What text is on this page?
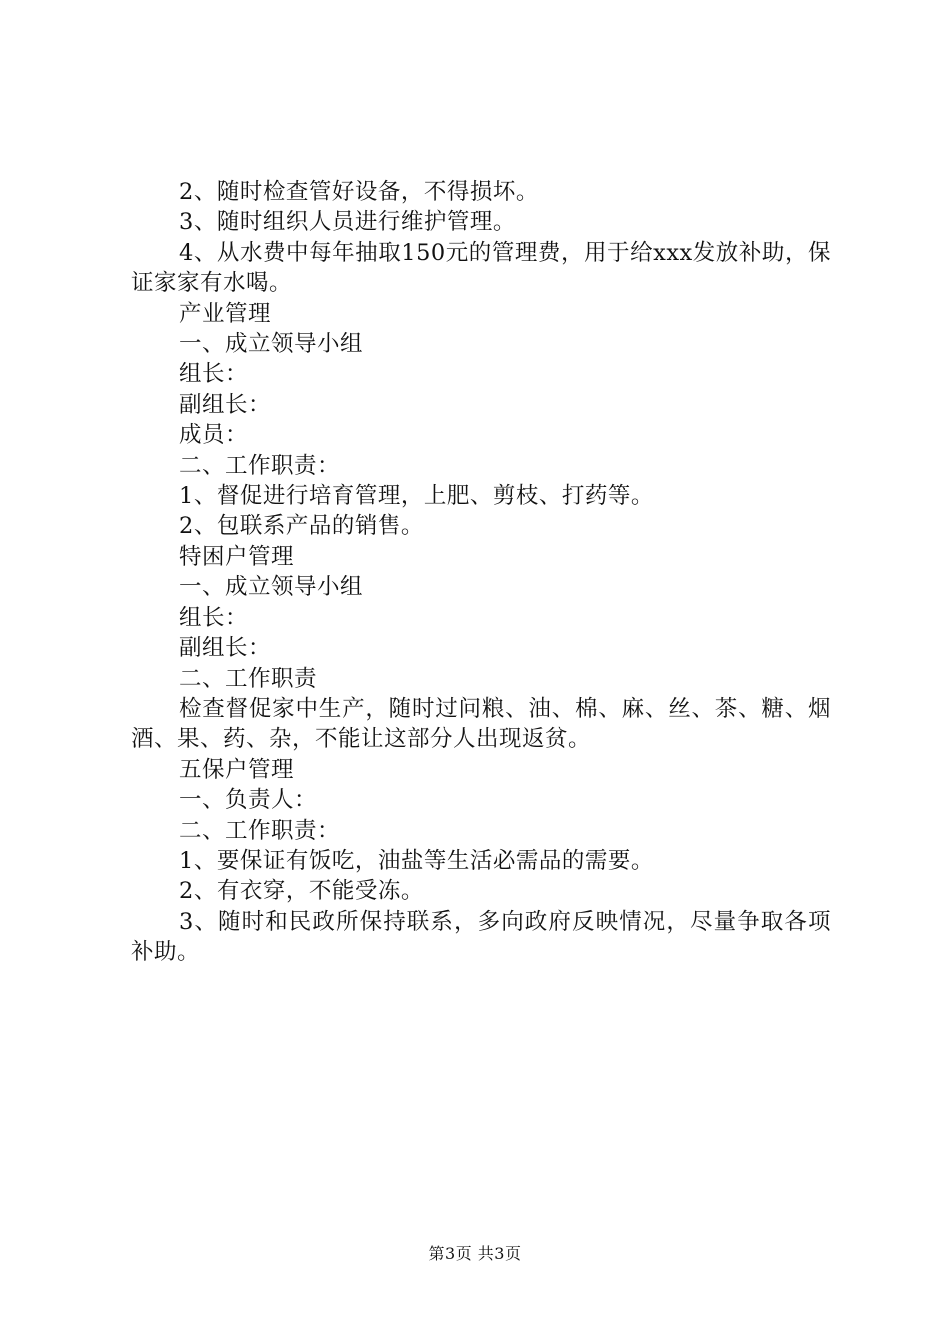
2、随时检查管好设备，不得损坏。

3、随时组织人员进行维护管理。

4、从水费中每年抽取150元的管理费，用于给xxx发放补助，保证家家有水喝。

产业管理

一、成立领导小组

组长：

副组长：

成员：

二、工作职责：

1、督促进行培育管理，上肥、剪枝、打药等。

2、包联系产品的销售。

特困户管理

一、成立领导小组

组长：

副组长：

二、工作职责

检查督促家中生产，随时过问粮、油、棉、麻、丝、茶、糖、烟酒、果、药、杂，不能让这部分人出现返贫。

五保户管理

一、负责人：

二、工作职责：

1、要保证有饭吃，油盐等生活必需品的需要。

2、有衣穿，不能受冻。

3、随时和民政所保持联系，多向政府反映情况，尽量争取各项补助。

第3页 共3页
